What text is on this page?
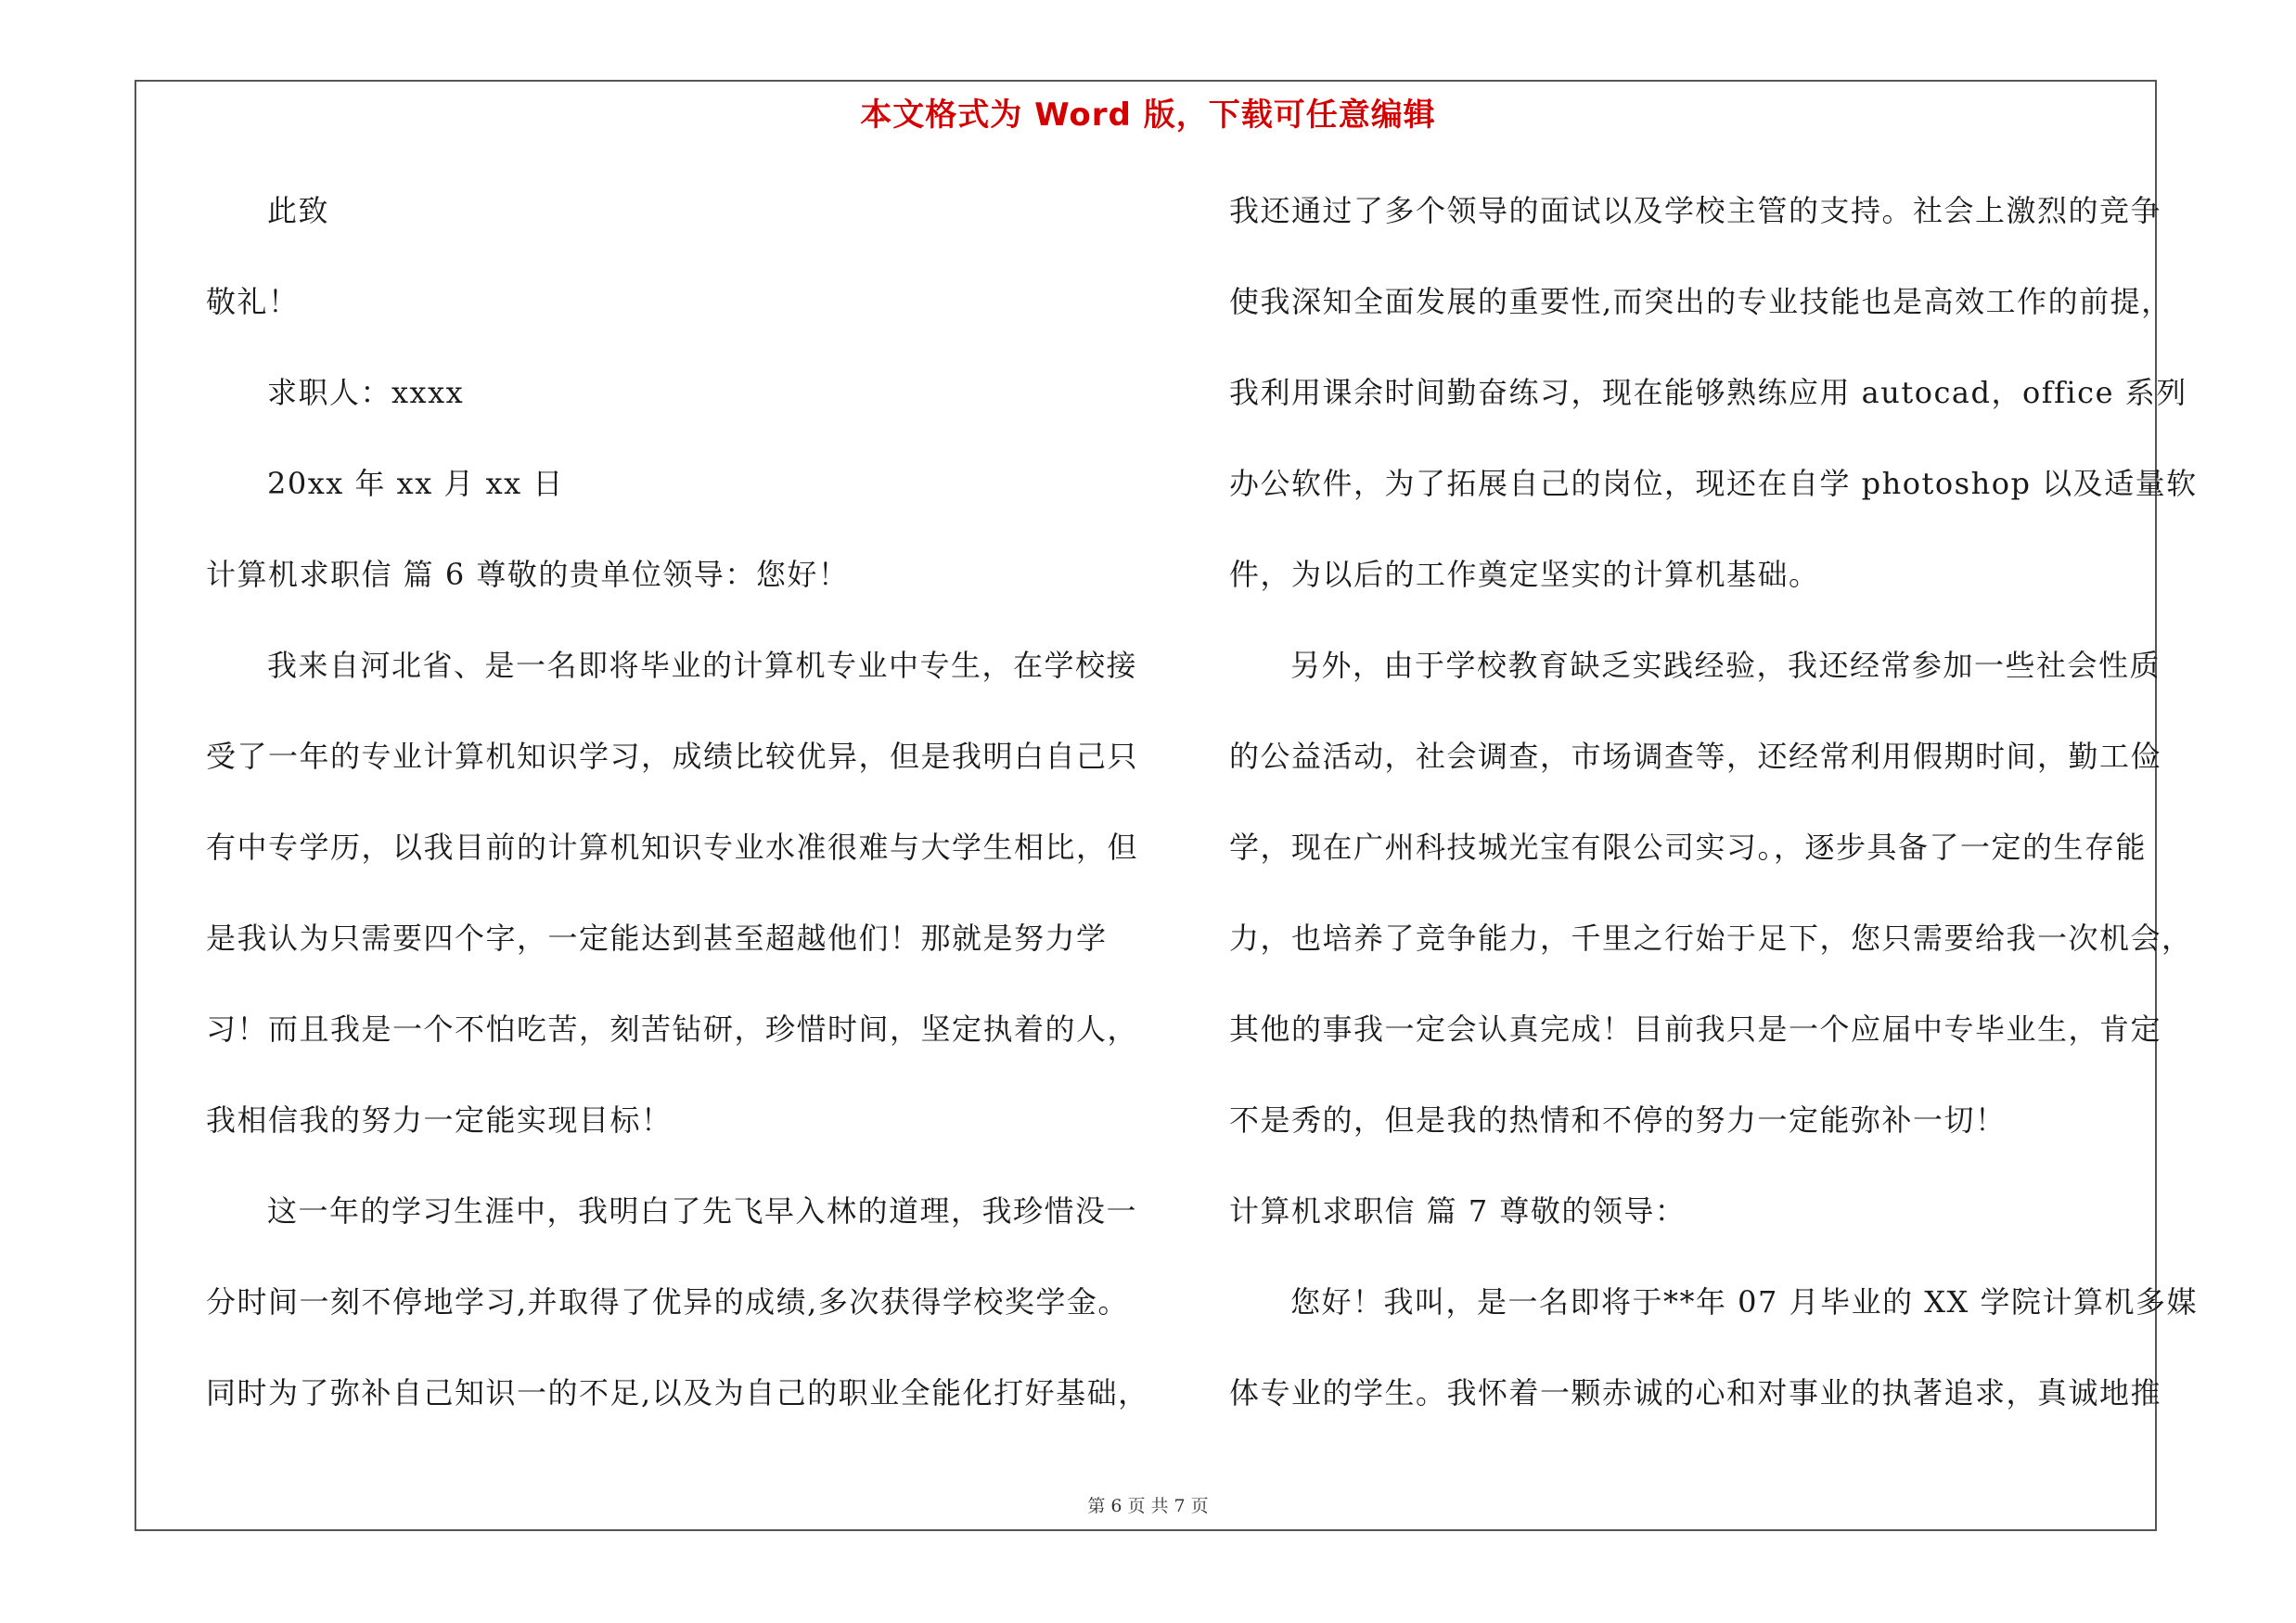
本文格式为 Word 版，下载可任意编辑
此致
敬礼！
求职人：xxxx
20xx 年 xx 月 xx 日
计算机求职信 篇 6 尊敬的贵单位领导：您好！
我来自河北省、是一名即将毕业的计算机专业中专生，在学校接
受了一年的专业计算机知识学习，成绩比较优异，但是我明白自己只
有中专学历，以我目前的计算机知识专业水准很难与大学生相比，但
是我认为只需要四个字，一定能达到甚至超越他们！那就是努力学
习！而且我是一个不怕吃苦，刻苦钻研，珍惜时间，坚定执着的人，
我相信我的努力一定能实现目标！
这一年的学习生涯中，我明白了先飞早入林的道理，我珍惜没一
分时间一刻不停地学习,并取得了优异的成绩,多次获得学校奖学金。
同时为了弥补自己知识一的不足,以及为自己的职业全能化打好基础，
我还通过了多个领导的面试以及学校主管的支持。社会上激烈的竞争
使我深知全面发展的重要性,而突出的专业技能也是高效工作的前提，
我利用课余时间勤奋练习，现在能够熟练应用 autocad，office 系列
办公软件，为了拓展自己的岗位，现还在自学 photoshop 以及适量软
件，为以后的工作奠定坚实的计算机基础。
另外，由于学校教育缺乏实践经验，我还经常参加一些社会性质
的公益活动，社会调查，市场调查等，还经常利用假期时间，勤工俭
学，现在广州科技城光宝有限公司实习。，逐步具备了一定的生存能
力，也培养了竞争能力，千里之行始于足下，您只需要给我一次机会，
其他的事我一定会认真完成！目前我只是一个应届中专毕业生，肯定
不是秀的，但是我的热情和不停的努力一定能弥补一切！
计算机求职信 篇 7 尊敬的领导：
您好！我叫，是一名即将于**年 07 月毕业的 XX 学院计算机多媒
体专业的学生。我怀着一颗赤诚的心和对事业的执著追求，真诚地推
第 6 页 共 7 页
